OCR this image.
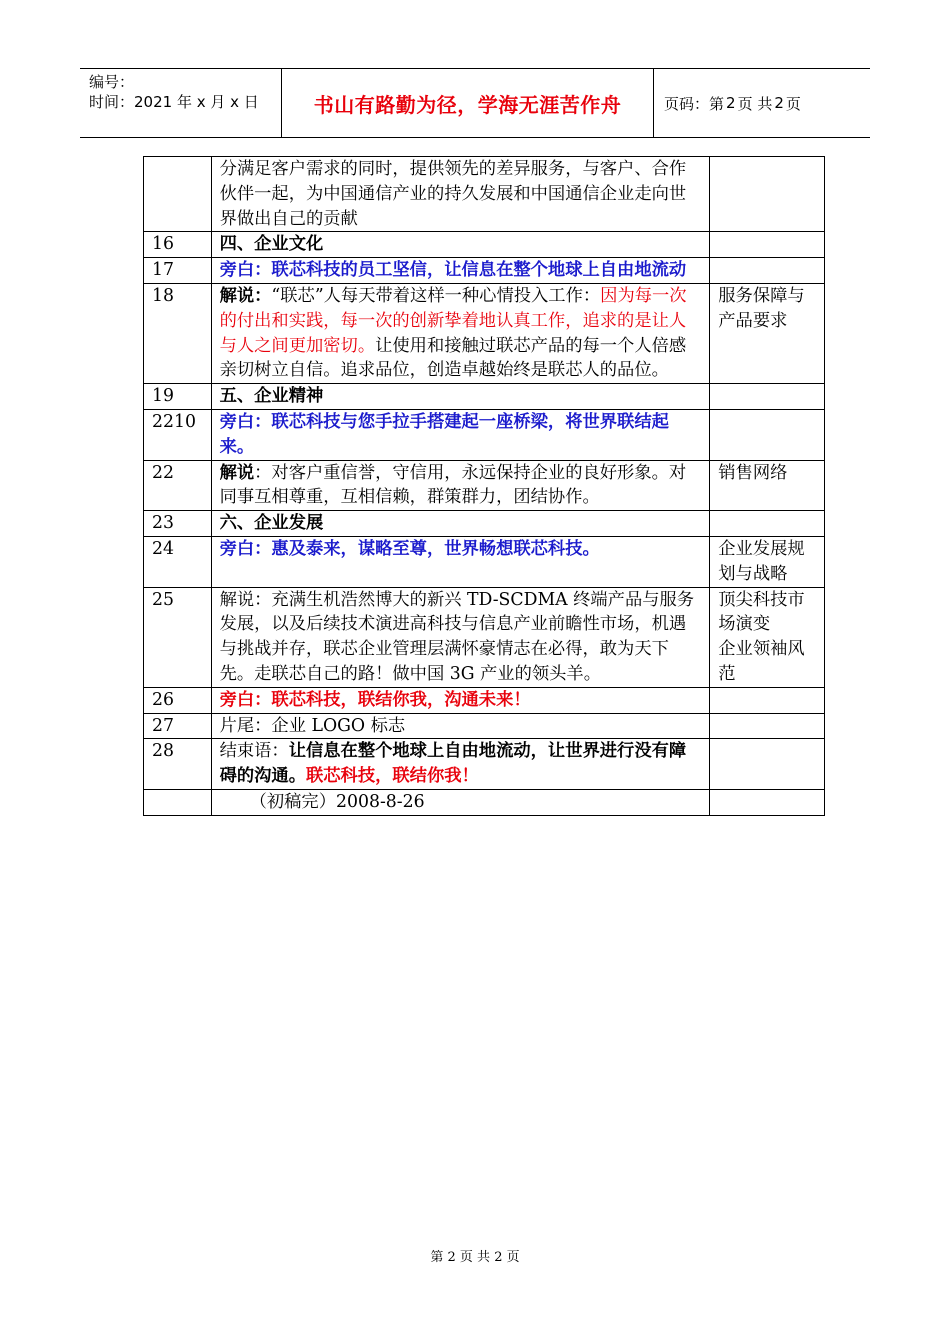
编号：
时间：2021 年 x 月 x 日	书山有路勤为径，学海无涯苦作舟	页码：第 2 页 共 2 页
	分满足客户需求的同时，提供领先的差异服务，与客户、合作伙伴一起，为中国通信产业的持久发展和中国通信企业走向世界做出自己的贡献	
16	四、企业文化	
17	旁白：联芯科技的员工坚信，让信息在整个地球上自由地流动	
18	解说：“联芯”人每天带着这样一种心情投入工作：因为每一次的付出和实践，每一次的创新挚着地认真工作，追求的是让人与人之间更加密切。让使用和接触过联芯产品的每一个人倍感亲切树立自信。追求品位，创造卓越始终是联芯人的品位。	服务保障与产品要求
19	五、企业精神	
2210	旁白：联芯科技与您手拉手搭建起一座桥梁，将世界联结起来。	
22	解说：对客户重信誉，守信用，永远保持企业的良好形象。对同事互相尊重，互相信赖，群策群力，团结协作。	销售网络
23	六、企业发展	
24	旁白：惠及泰来，谋略至尊，世界畅想联芯科技。	企业发展规划与战略
25	解说：充满生机浩然博大的新兴 TD-SCDMA 终端产品与服务发展，以及后续技术演进高科技与信息产业前瞻性市场，机遇与挑战并存，联芯企业管理层满怀豪情志在必得，敢为天下先。走联芯自己的路！做中国 3G 产业的领头羊。	顶尖科技市场演变
企业领袖风范

26	旁白：联芯科技，联结你我，沟通未来！	
27	片尾：企业 LOGO 标志	
28	结束语：让信息在整个地球上自由地流动，让世界进行没有障碍的沟通。联芯科技，联结你我！	
	（初稿完）2008-8-26	
第 2 页 共 2 页
